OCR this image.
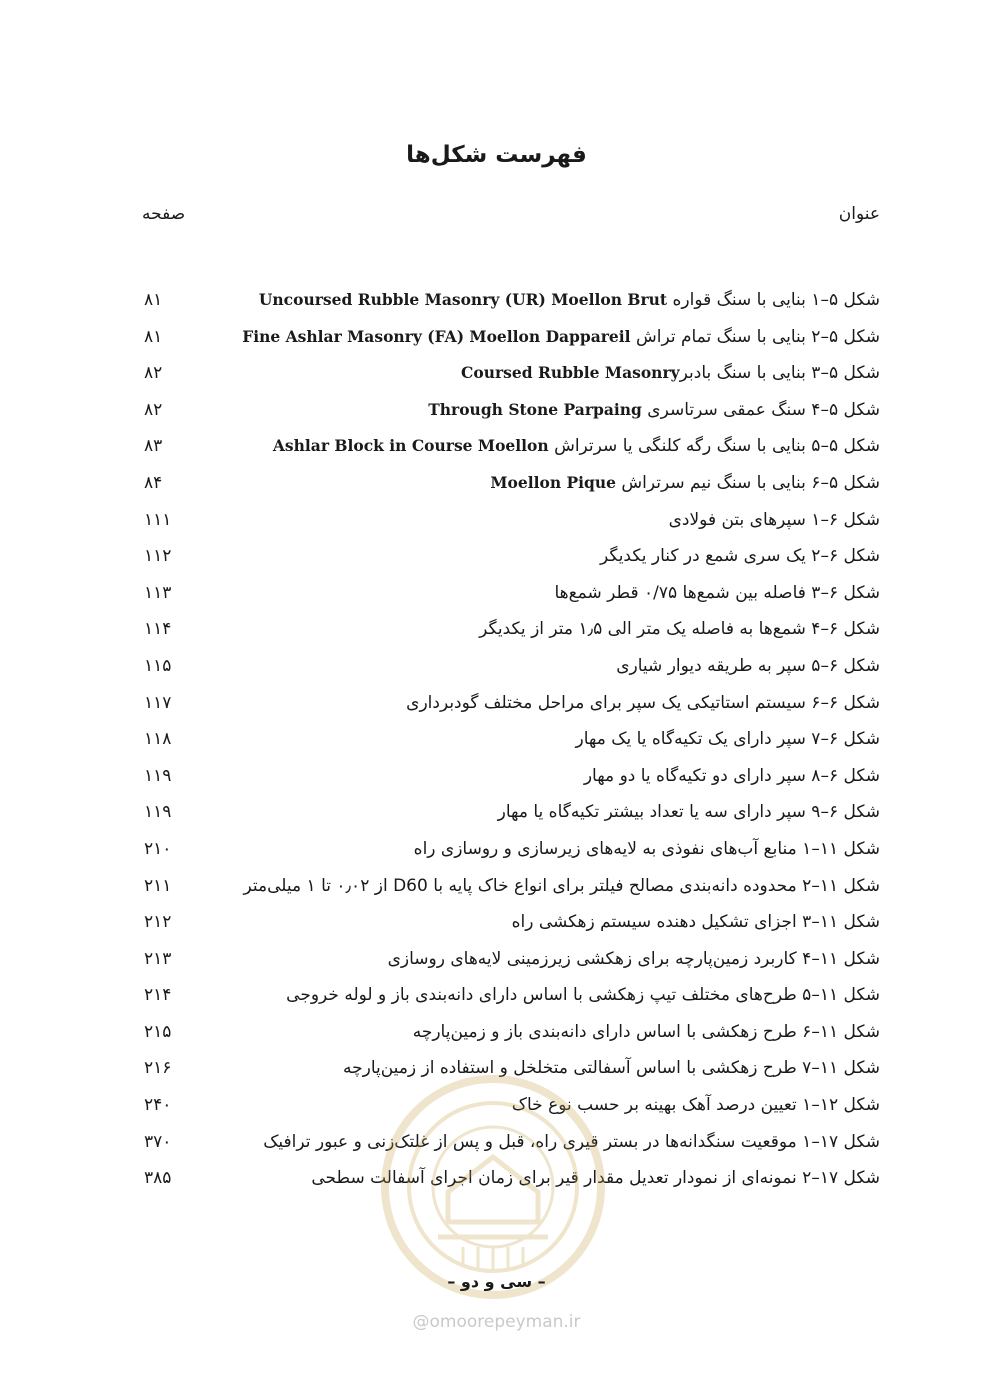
فهرست شکل‌ها
عنوان
صفحه
شکل ۵–۱ بنایی با سنگ قواره Uncoursed Rubble Masonry (UR) Moellon Brut
۸۱
شکل ۵–۲ بنایی با سنگ تمام تراش Fine Ashlar Masonry (FA) Moellon Dappareil
۸۱
شکل ۵–۳ بنایی با سنگ بادبرCoursed Rubble Masonry
۸۲
شکل ۵–۴ سنگ عمقی سرتاسری Through Stone Parpaing
۸۲
شکل ۵–۵ بنایی با سنگ رگه کلنگی یا سرتراش Ashlar Block in Course Moellon
۸۳
شکل ۵–۶ بنایی با سنگ نیم سرتراش Moellon Pique
۸۴
شکل ۶–۱ سپرهای بتن فولادی
۱۱۱
شکل ۶–۲ یک سری شمع در کنار یکدیگر
۱۱۲
شکل ۶–۳ فاصله بین شمع‌ها ۰/۷۵ قطر شمع‌ها
۱۱۳
شکل ۶–۴ شمع‌ها به فاصله یک متر الی ۱٫۵ متر از یکدیگر
۱۱۴
شکل ۶–۵ سپر به طریقه دیوار شیاری
۱۱۵
شکل ۶–۶ سیستم استاتیکی یک سپر برای مراحل مختلف گودبرداری
۱۱۷
شکل ۶–۷ سپر دارای یک تکیه‌گاه یا یک مهار
۱۱۸
شکل ۶–۸ سپر دارای دو تکیه‌گاه یا دو مهار
۱۱۹
شکل ۶–۹ سپر دارای سه یا تعداد بیشتر تکیه‌گاه یا مهار
۱۱۹
شکل ۱۱–۱ منابع آب‌های نفوذی به لایه‌های زیرسازی و روسازی راه
۲۱۰
شکل ۱۱–۲ محدوده دانه‌بندی مصالح فیلتر برای انواع خاک پایه با D60 از ۰٫۰۲ تا ۱ میلی‌متر
۲۱۱
شکل ۱۱–۳ اجزای تشکیل دهنده سیستم زهکشی راه
۲۱۲
شکل ۱۱–۴ کاربرد زمین‌پارچه برای زهکشی زیرزمینی لایه‌های روسازی
۲۱۳
شکل ۱۱–۵ طرح‌های مختلف تیپ زهکشی با اساس دارای دانه‌بندی باز و لوله خروجی
۲۱۴
شکل ۱۱–۶ طرح زهکشی با اساس دارای دانه‌بندی باز و زمین‌پارچه
۲۱۵
شکل ۱۱–۷ طرح زهکشی با اساس آسفالتی متخلخل و استفاده از زمین‌پارچه
۲۱۶
شکل ۱۲–۱ تعیین درصد آهک بهینه بر حسب نوع خاک
۲۴۰
شکل ۱۷–۱ موقعیت سنگدانه‌ها در بستر قیری راه، قبل و پس از غلتک‌زنی و عبور ترافیک
۳۷۰
شکل ۱۷–۲ نمونه‌ای از نمودار تعدیل مقدار قیر برای زمان اجرای آسفالت سطحی
۳۸۵
– سی و دو –
@omoorepeyman.ir
